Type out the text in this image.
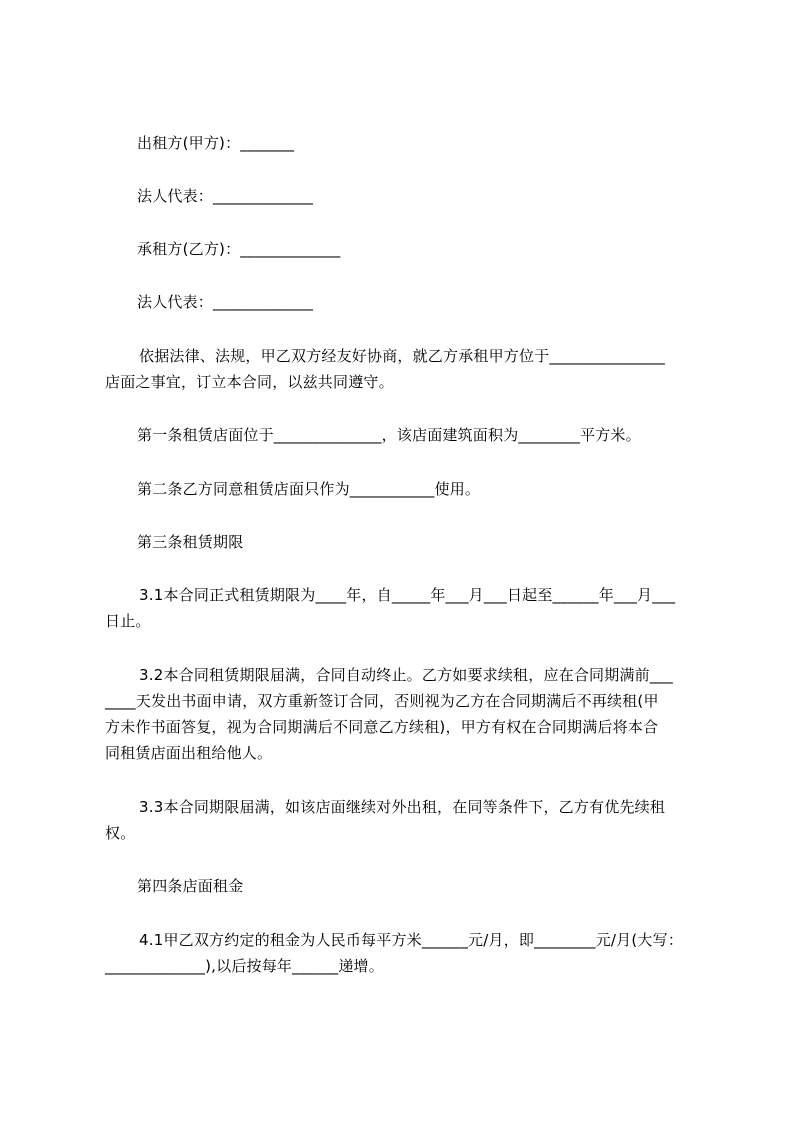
出租方(甲方)：_______
法人代表：_____________
承租方(乙方)：_____________
法人代表：_____________
依据法律、法规，甲乙双方经友好协商，就乙方承租甲方位于_______________
店面之事宜，订立本合同，以兹共同遵守。
第一条租赁店面位于______________，该店面建筑面积为________平方米。
第二条乙方同意租赁店面只作为___________使用。
第三条租赁期限
3.1本合同正式租赁期限为____年，自_____年___月___日起至______年___月___
日止。
3.2本合同租赁期限届满，合同自动终止。乙方如要求续租，应在合同期满前___
____天发出书面申请，双方重新签订合同，否则视为乙方在合同期满后不再续租(甲
方未作书面答复，视为合同期满后不同意乙方续租)，甲方有权在合同期满后将本合
同租赁店面出租给他人。
3.3本合同期限届满，如该店面继续对外出租，在同等条件下，乙方有优先续租
权。
第四条店面租金
4.1甲乙双方约定的租金为人民币每平方米______元/月，即________元/月(大写：
_____________),以后按每年______递增。
